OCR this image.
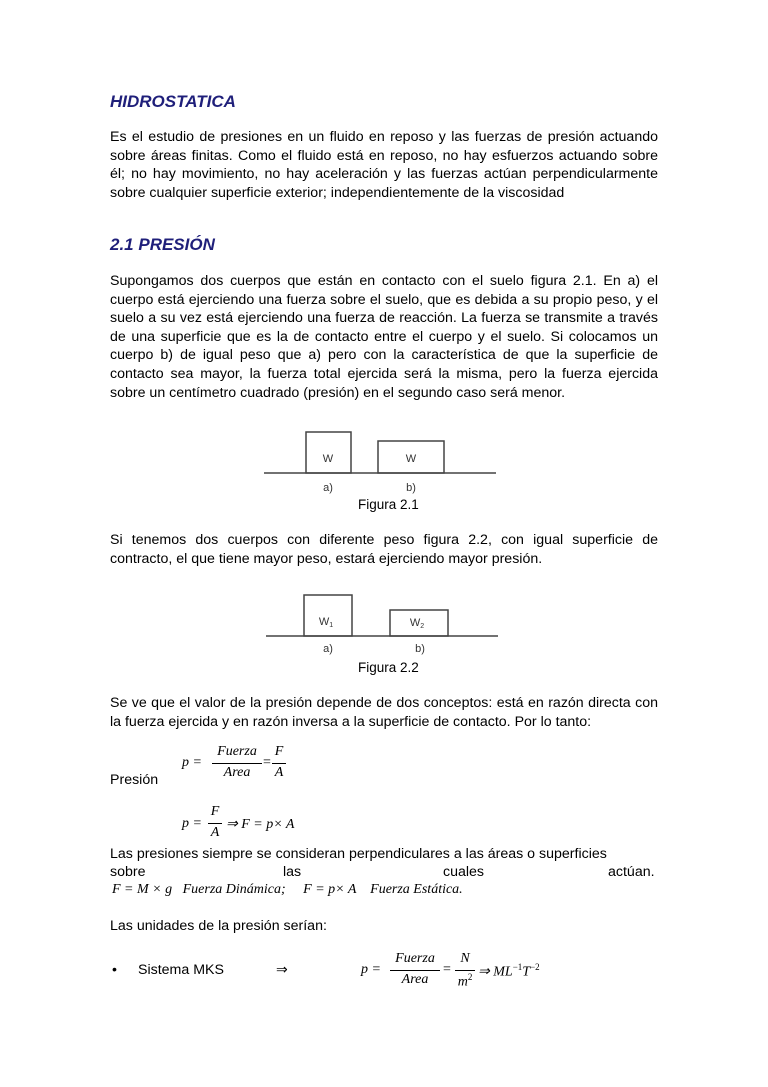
HIDROSTATICA
Es el estudio de presiones en un fluido en reposo y las fuerzas de presión actuando sobre áreas finitas. Como el fluido está en reposo, no hay esfuerzos actuando sobre él; no hay movimiento, no hay aceleración y las fuerzas actúan perpendicularmente sobre cualquier superficie exterior; independientemente de la viscosidad
2.1 PRESIÓN
Supongamos dos cuerpos que están en contacto con el suelo figura 2.1. En a) el cuerpo está ejerciendo una fuerza sobre el suelo, que es debida a su propio peso, y el suelo a su vez está ejerciendo una fuerza de reacción. La fuerza se transmite a través de una superficie que es la de contacto entre el cuerpo y el suelo. Si colocamos un cuerpo b) de igual peso que a) pero con la característica de que la superficie de contacto sea mayor, la fuerza total ejercida será la misma, pero la fuerza ejercida sobre un centímetro cuadrado (presión) en el segundo caso será menor.
W	W
a)	b)
Figura 2.1
Si tenemos dos cuerpos con diferente peso figura 2.2, con igual superficie de contracto, el que tiene mayor peso, estará ejerciendo mayor presión.
W1	W2
a)	b)
Figura 2.2
Se ve que el valor de la presión depende de dos conceptos: está en razón directa con la fuerza ejercida y en razón inversa a la superficie de contacto. Por lo tanto:
p =
Fuerza
Area
=
F
A
Presión
p =
F
A
⇒ F = p× A
Las presiones siempre se consideran perpendiculares a las áreas o superficies
sobre	las	cuales	actúan.
F = M × g   Fuerza Dinámica;     F = p× A    Fuerza Estática.
Las unidades de la presión serían:
• Sistema MKS	⇒	p =
Fuerza
Area
=
N
$m^2$ ⇒ $ML^{-1}T^{-2}$
